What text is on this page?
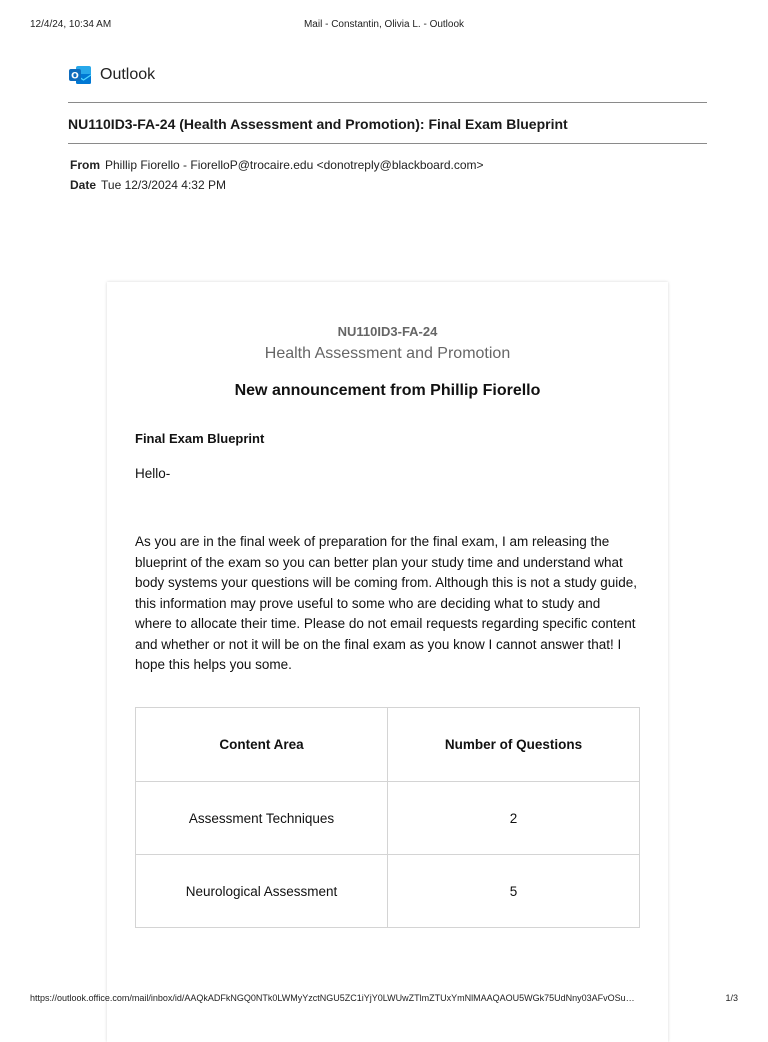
12/4/24, 10:34 AM	Mail - Constantin, Olivia L. - Outlook
O Outlook
NU110ID3-FA-24 (Health Assessment and Promotion): Final Exam Blueprint
From Phillip Fiorello - FiorelloP@trocaire.edu <donotreply@blackboard.com>
Date Tue 12/3/2024 4:32 PM
NU110ID3-FA-24
Health Assessment and Promotion
New announcement from Phillip Fiorello
Final Exam Blueprint
Hello-
As you are in the final week of preparation for the final exam, I am releasing the blueprint of the exam so you can better plan your study time and understand what body systems your questions will be coming from. Although this is not a study guide, this information may prove useful to some who are deciding what to study and where to allocate their time. Please do not email requests regarding specific content and whether or not it will be on the final exam as you know I cannot answer that! I hope this helps you some.
Content Area	Number of Questions
Assessment Techniques	2
Neurological Assessment	5
https://outlook.office.com/mail/inbox/id/AAQkADFkNGQ0NTk0LWMyYzctNGU5ZC1iYjY0LWUwZTlmZTUxYmNlMAAQAOU5WGk75UdNny03AFvOSu…	1/3
